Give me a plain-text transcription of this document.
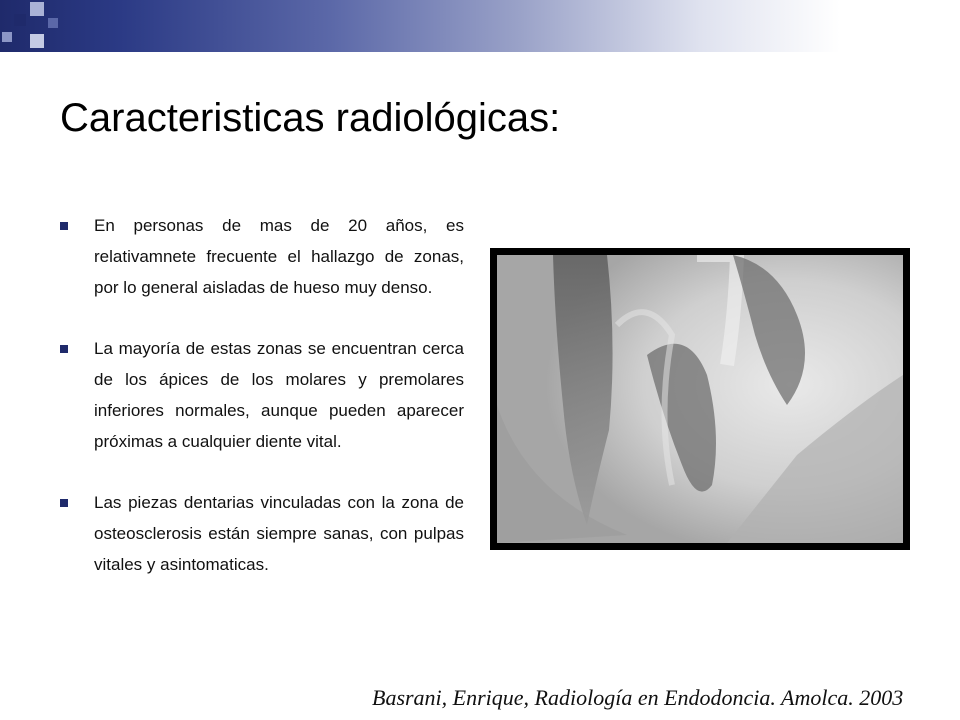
Caracteristicas radiológicas:
En personas de mas de 20 años, es relativamnete frecuente el hallazgo de zonas, por lo general aisladas de hueso muy denso.
La mayoría de estas zonas se encuentran cerca de los ápices de los molares y premolares inferiores normales, aunque pueden aparecer próximas a cualquier diente vital.
Las piezas dentarias vinculadas con la zona de osteosclerosis están siempre sanas, con pulpas vitales y asintomaticas.
Basrani, Enrique, Radiología en Endodoncia. Amolca. 2003
